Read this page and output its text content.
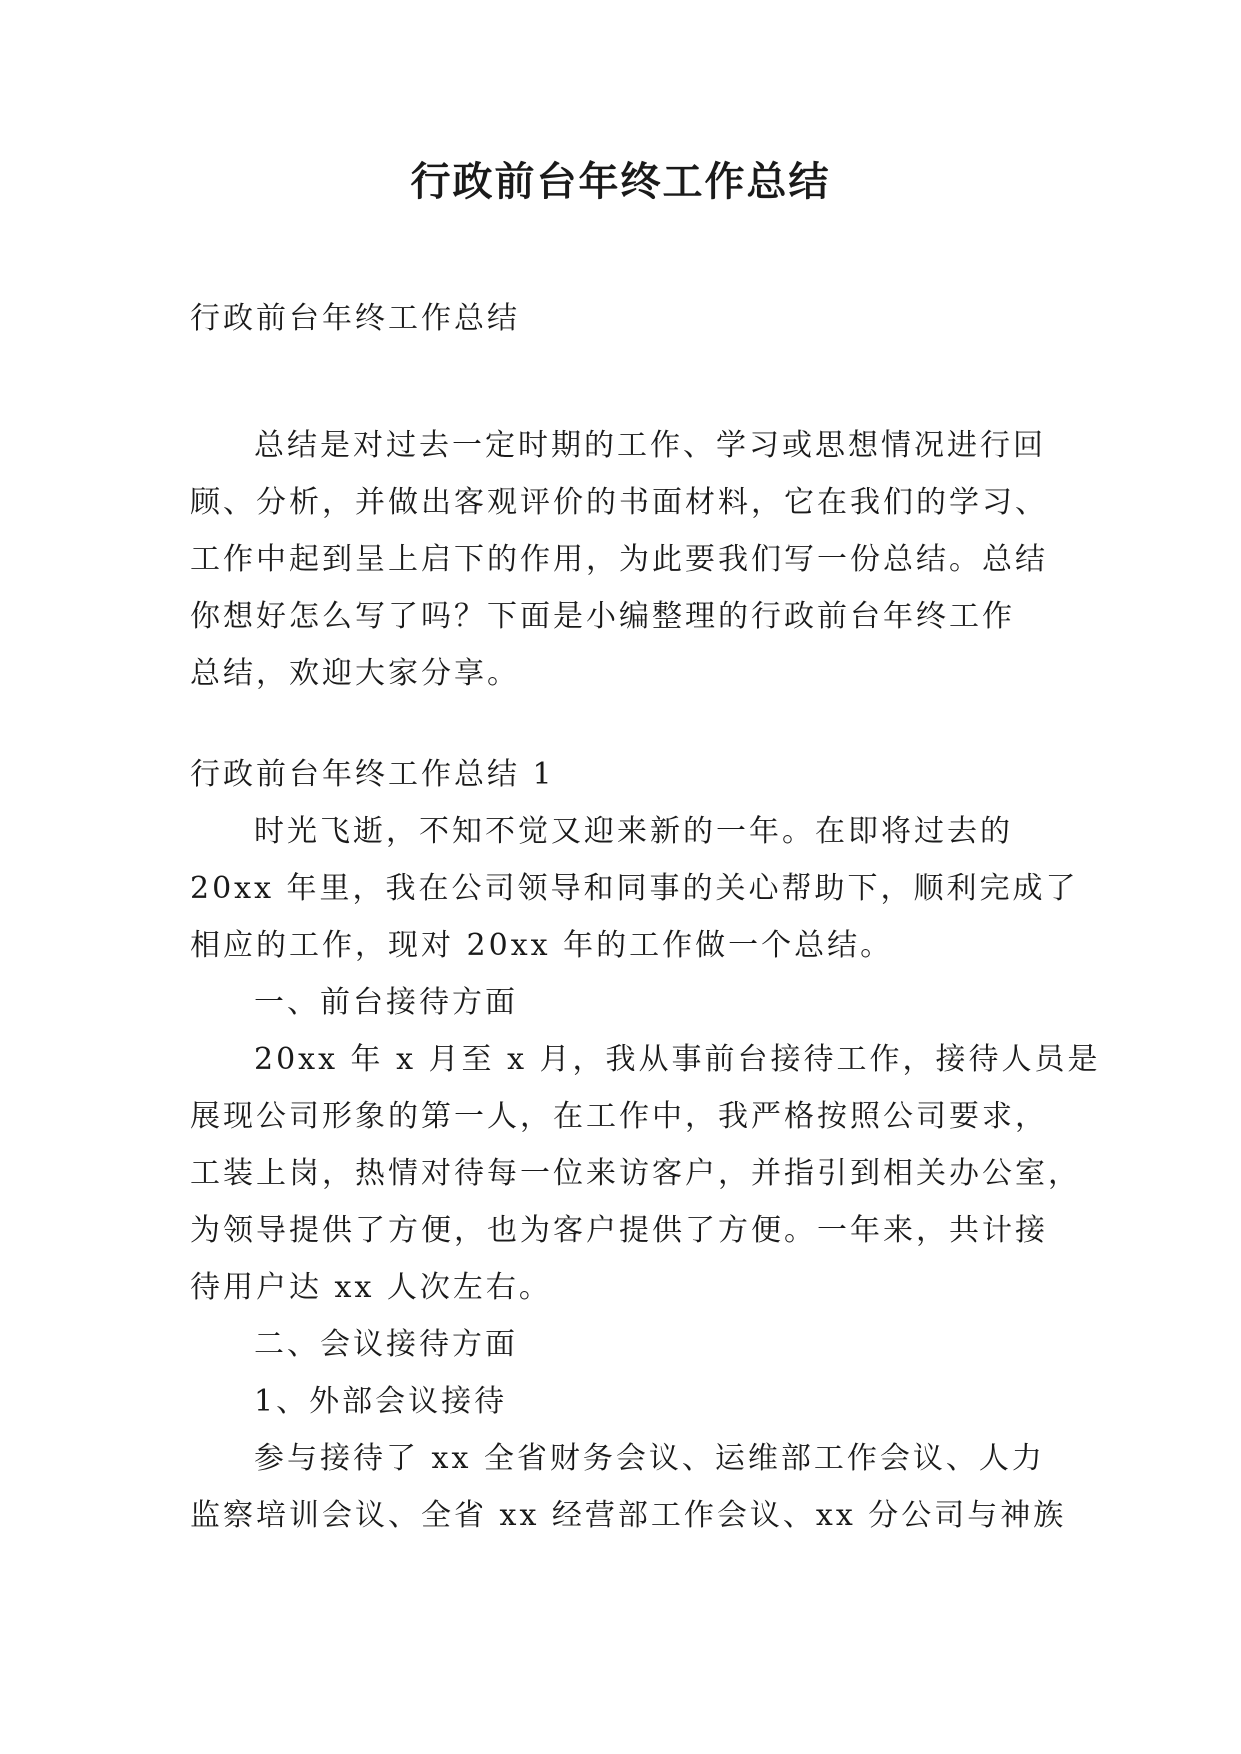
行政前台年终工作总结

行政前台年终工作总结

总结是对过去一定时期的工作、学习或思想情况进行回

顾、分析，并做出客观评价的书面材料，它在我们的学习、

工作中起到呈上启下的作用，为此要我们写一份总结。总结

你想好怎么写了吗？下面是小编整理的行政前台年终工作

总结，欢迎大家分享。

行政前台年终工作总结 1

时光飞逝，不知不觉又迎来新的一年。在即将过去的

20xx 年里，我在公司领导和同事的关心帮助下，顺利完成了

相应的工作，现对 20xx 年的工作做一个总结。

一、前台接待方面

20xx 年 x 月至 x 月，我从事前台接待工作，接待人员是

展现公司形象的第一人，在工作中，我严格按照公司要求，

工装上岗，热情对待每一位来访客户，并指引到相关办公室，

为领导提供了方便，也为客户提供了方便。一年来，共计接

待用户达 xx 人次左右。

二、会议接待方面

1、外部会议接待

参与接待了 xx 全省财务会议、运维部工作会议、人力

监察培训会议、全省 xx 经营部工作会议、xx 分公司与神族
